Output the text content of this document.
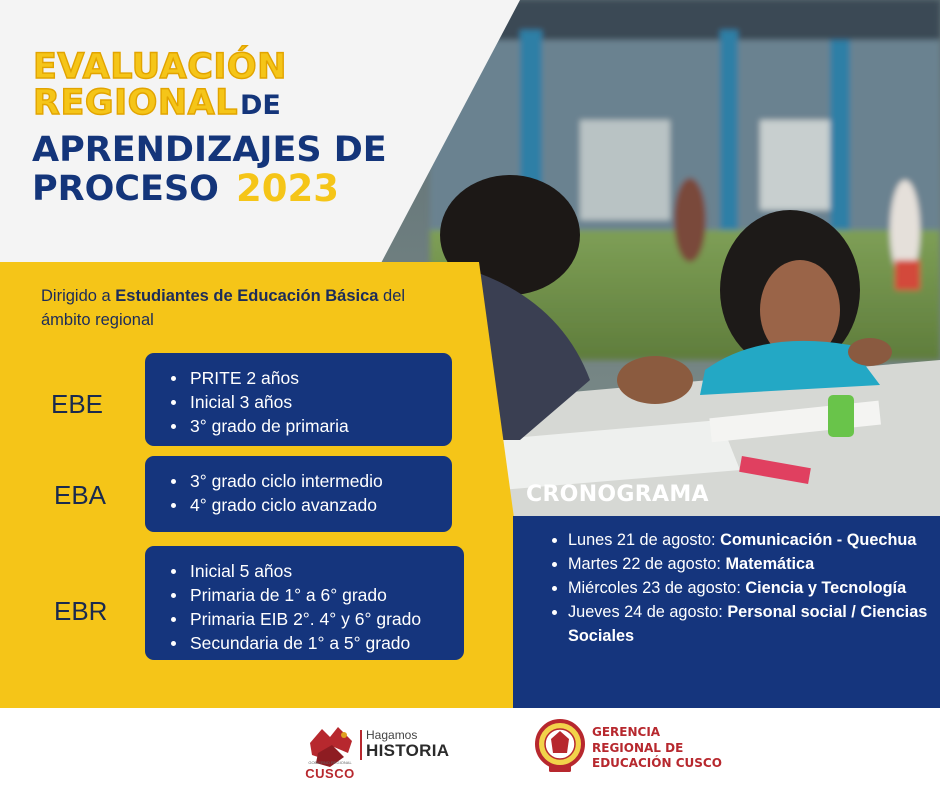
EVALUACIÓN
REGIONAL DE
APRENDIZAJES DE
PROCESO 2023
Dirigido a Estudiantes de Educación Básica del ámbito regional
EBE
PRITE 2 años
Inicial 3 años
3° grado de primaria
EBA	3° grado ciclo intermedio
4° grado ciclo avanzado
EBR
Inicial 5 años
Primaria de 1° a 6° grado
Primaria EIB 2°. 4° y 6° grado
Secundaria de 1° a 5° grado
CRONOGRAMA
Lunes 21 de agosto: Comunicación - Quechua
Martes 22 de agosto: Matemática
Miércoles 23 de agosto: Ciencia y Tecnología
Jueves 24 de agosto: Personal social / Ciencias Sociales
GOBIERNO REGIONAL
CUSCO
Hagamos
HISTORIA
GERENCIA
REGIONAL DE
EDUCACIÓN CUSCO
